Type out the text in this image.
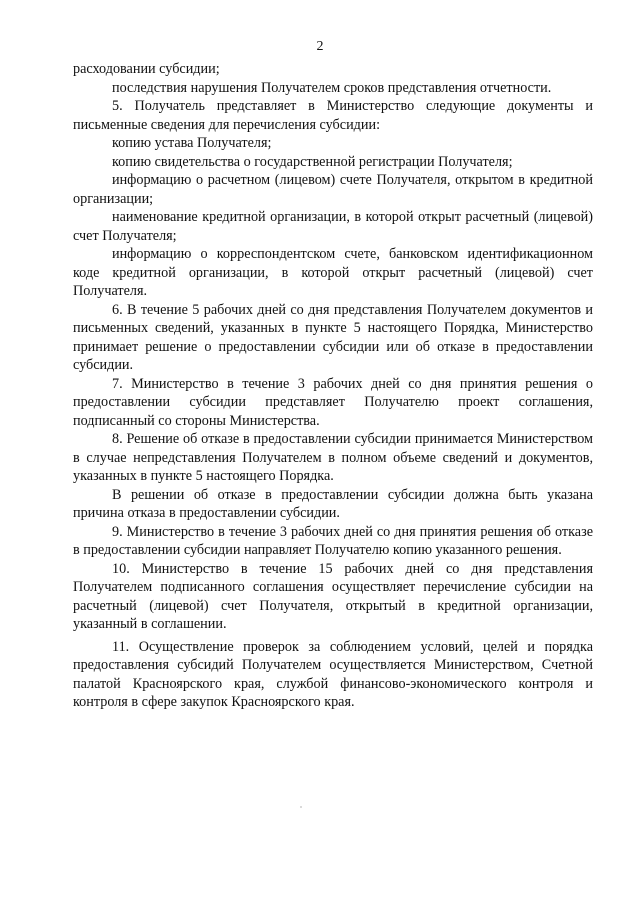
2

расходовании субсидии;

последствия нарушения Получателем сроков представления отчетности.

5. Получатель представляет в Министерство следующие документы и письменные сведения для перечисления субсидии:

копию устава Получателя;

копию свидетельства о государственной регистрации Получателя;

информацию о расчетном (лицевом) счете Получателя, открытом в кредитной организации;

наименование кредитной организации, в которой открыт расчетный (лицевой) счет Получателя;

информацию о корреспондентском счете, банковском идентификационном коде кредитной организации, в которой открыт расчетный (лицевой) счет Получателя.

6. В течение 5 рабочих дней со дня представления Получателем документов и письменных сведений, указанных в пункте 5 настоящего Порядка, Министерство принимает решение о предоставлении субсидии или об отказе в предоставлении субсидии.

7. Министерство в течение 3 рабочих дней со дня принятия решения о предоставлении субсидии представляет Получателю проект соглашения, подписанный со стороны Министерства.

8. Решение об отказе в предоставлении субсидии принимается Министерством в случае непредставления Получателем в полном объеме сведений и документов, указанных в пункте 5 настоящего Порядка.

В решении об отказе в предоставлении субсидии должна быть указана причина отказа в предоставлении субсидии.

9. Министерство в течение 3 рабочих дней со дня принятия решения об отказе в предоставлении субсидии направляет Получателю копию указанного решения.

10. Министерство в течение 15 рабочих дней со дня представления Получателем подписанного соглашения осуществляет перечисление субсидии на расчетный (лицевой) счет Получателя, открытый в кредитной организации, указанный в соглашении.

11. Осуществление проверок за соблюдением условий, целей и порядка предоставления субсидий Получателем осуществляется Министерством, Счетной палатой Красноярского края, службой финансово-экономического контроля и контроля в сфере закупок Красноярского края.
